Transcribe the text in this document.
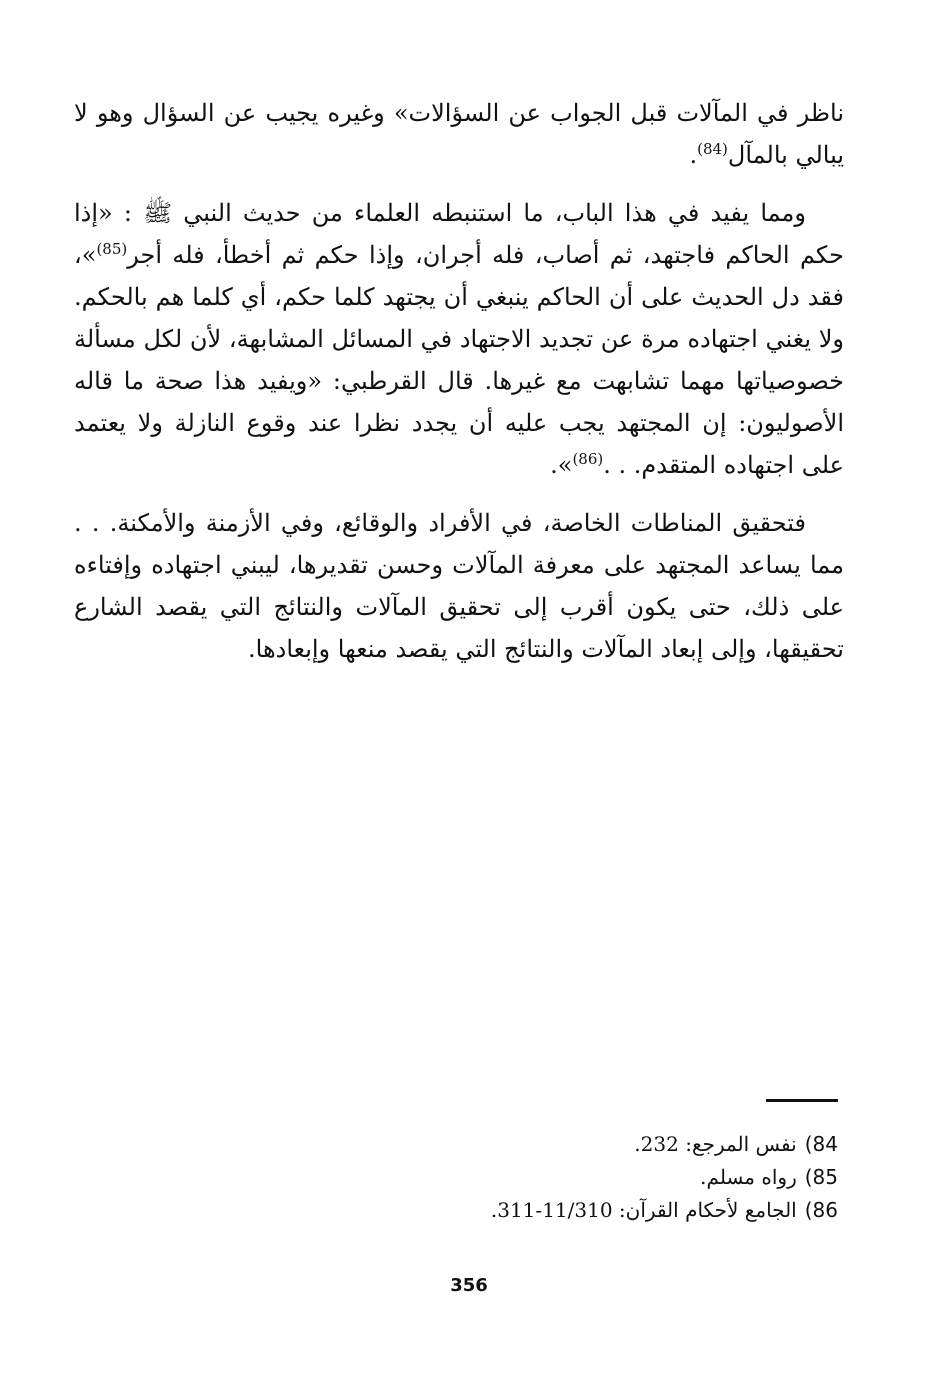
ناظر في المآلات قبل الجواب عن السؤالات» وغيره يجيب عن السؤال وهو لا يبالي بالمآل$^{(84)}$.

ومما يفيد في هذا الباب، ما استنبطه العلماء من حديث النبي ﷺ : «إذا حكم الحاكم فاجتهد، ثم أصاب، فله أجران، وإذا حكم ثم أخطأ، فله أجر$^{(85)}$»، فقد دل الحديث على أن الحاكم ينبغي أن يجتهد كلما حكم، أي كلما هم بالحكم. ولا يغني اجتهاده مرة عن تجديد الاجتهاد في المسائل المشابهة، لأن لكل مسألة خصوصياتها مهما تشابهت مع غيرها. قال القرطبي: «ويفيد هذا صحة ما قاله الأصوليون: إن المجتهد يجب عليه أن يجدد نظرا عند وقوع النازلة ولا يعتمد على اجتهاده المتقدم. . .$^{(86)}$».

فتحقيق المناطات الخاصة، في الأفراد والوقائع، وفي الأزمنة والأمكنة. . . مما يساعد المجتهد على معرفة المآلات وحسن تقديرها، ليبني اجتهاده وإفتاءه على ذلك، حتى يكون أقرب إلى تحقيق المآلات والنتائج التي يقصد الشارع تحقيقها، وإلى إبعاد المآلات والنتائج التي يقصد منعها وإبعادها.

84)نفس المرجع: 232.
85)رواه مسلم.
86)الجامع لأحكام القرآن: 11/310-311.
356
